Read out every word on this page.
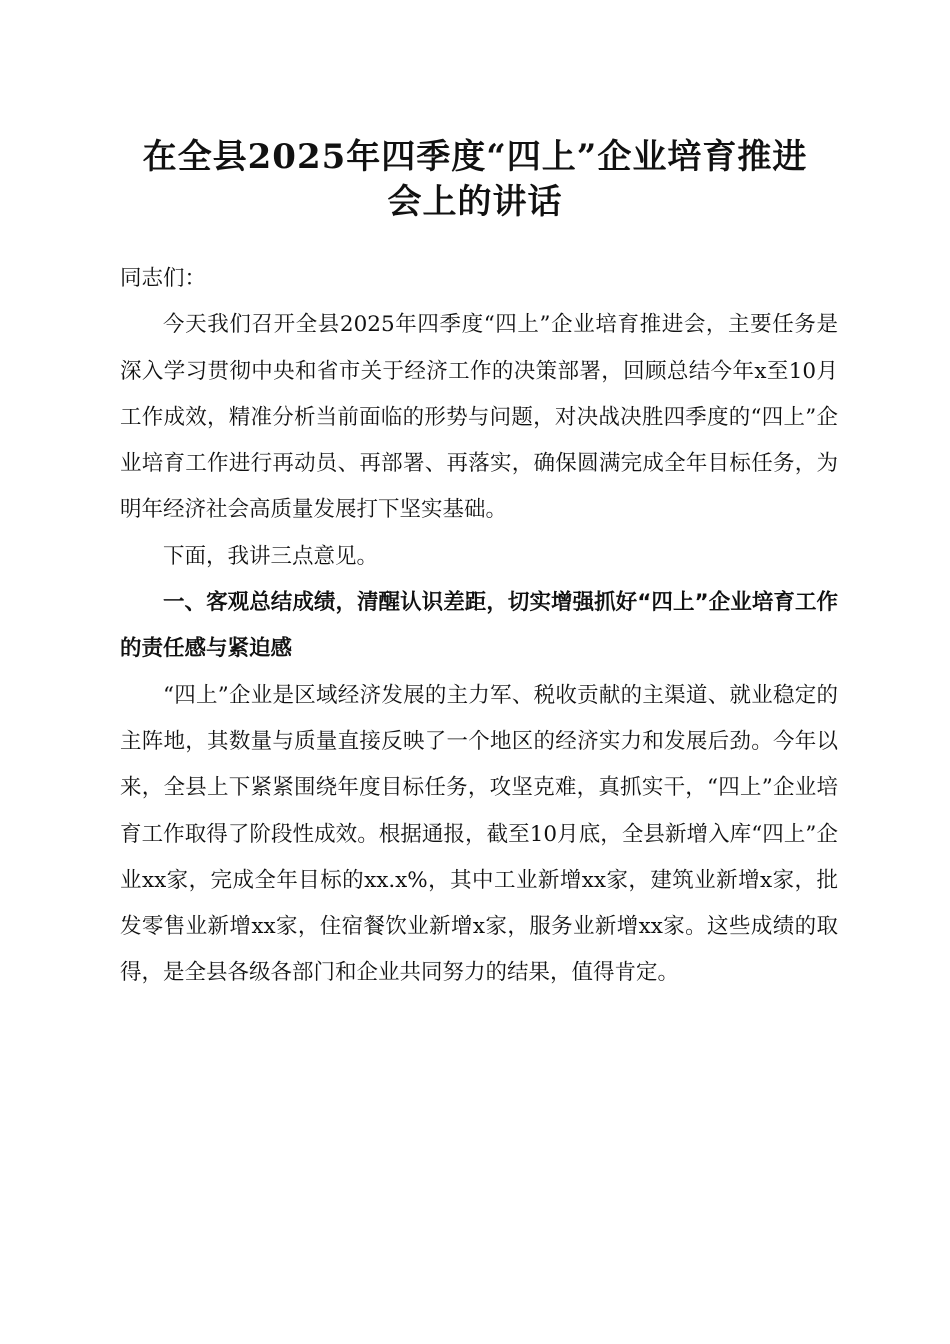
在全县2025年四季度“四上”企业培育推进
会上的讲话

同志们：

今天我们召开全县2025年四季度“四上”企业培育推进会，主要任务是深入学习贯彻中央和省市关于经济工作的决策部署，回顾总结今年x至10月工作成效，精准分析当前面临的形势与问题，对决战决胜四季度的“四上”企业培育工作进行再动员、再部署、再落实，确保圆满完成全年目标任务，为明年经济社会高质量发展打下坚实基础。

下面，我讲三点意见。

一、客观总结成绩，清醒认识差距，切实增强抓好“四上”企业培育工作的责任感与紧迫感

“四上”企业是区域经济发展的主力军、税收贡献的主渠道、就业稳定的主阵地，其数量与质量直接反映了一个地区的经济实力和发展后劲。今年以来，全县上下紧紧围绕年度目标任务，攻坚克难，真抓实干，“四上”企业培育工作取得了阶段性成效。根据通报，截至10月底，全县新增入库“四上”企业xx家，完成全年目标的xx.x%，其中工业新增xx家，建筑业新增x家，批发零售业新增xx家，住宿餐饮业新增x家，服务业新增xx家。这些成绩的取得，是全县各级各部门和企业共同努力的结果，值得肯定。
